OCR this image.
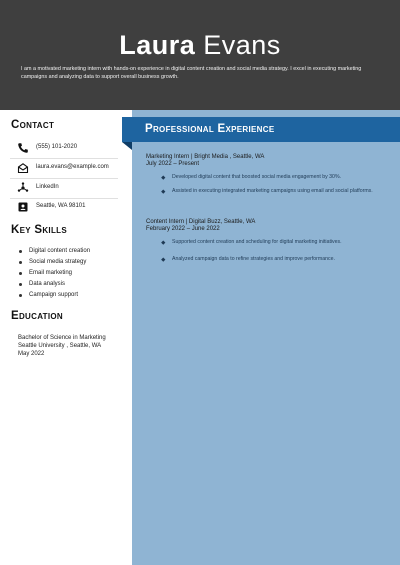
Laura Evans
I am a motivated marketing intern with hands-on experience in digital content creation and social media strategy. I excel in executing marketing campaigns and analyzing data to support overall business growth.
Contact
(555) 101-2020
laura.evans@example.com
LinkedIn
Seattle, WA 98101
Key Skills
Digital content creation
Social media strategy
Email marketing
Data analysis
Campaign support
Education
Bachelor of Science in Marketing
Seattle University , Seattle, WA
May 2022
Professional Experience
Marketing Intern | Bright Media , Seattle, WA
July 2022 – Present
Developed digital content that boosted social media engagement by 30%.
Assisted in executing integrated marketing campaigns using email and social platforms.
Content Intern | Digital Buzz, Seattle, WA
February 2022 – June 2022
Supported content creation and scheduling for digital marketing initiatives.
Analyzed campaign data to refine strategies and improve performance.
